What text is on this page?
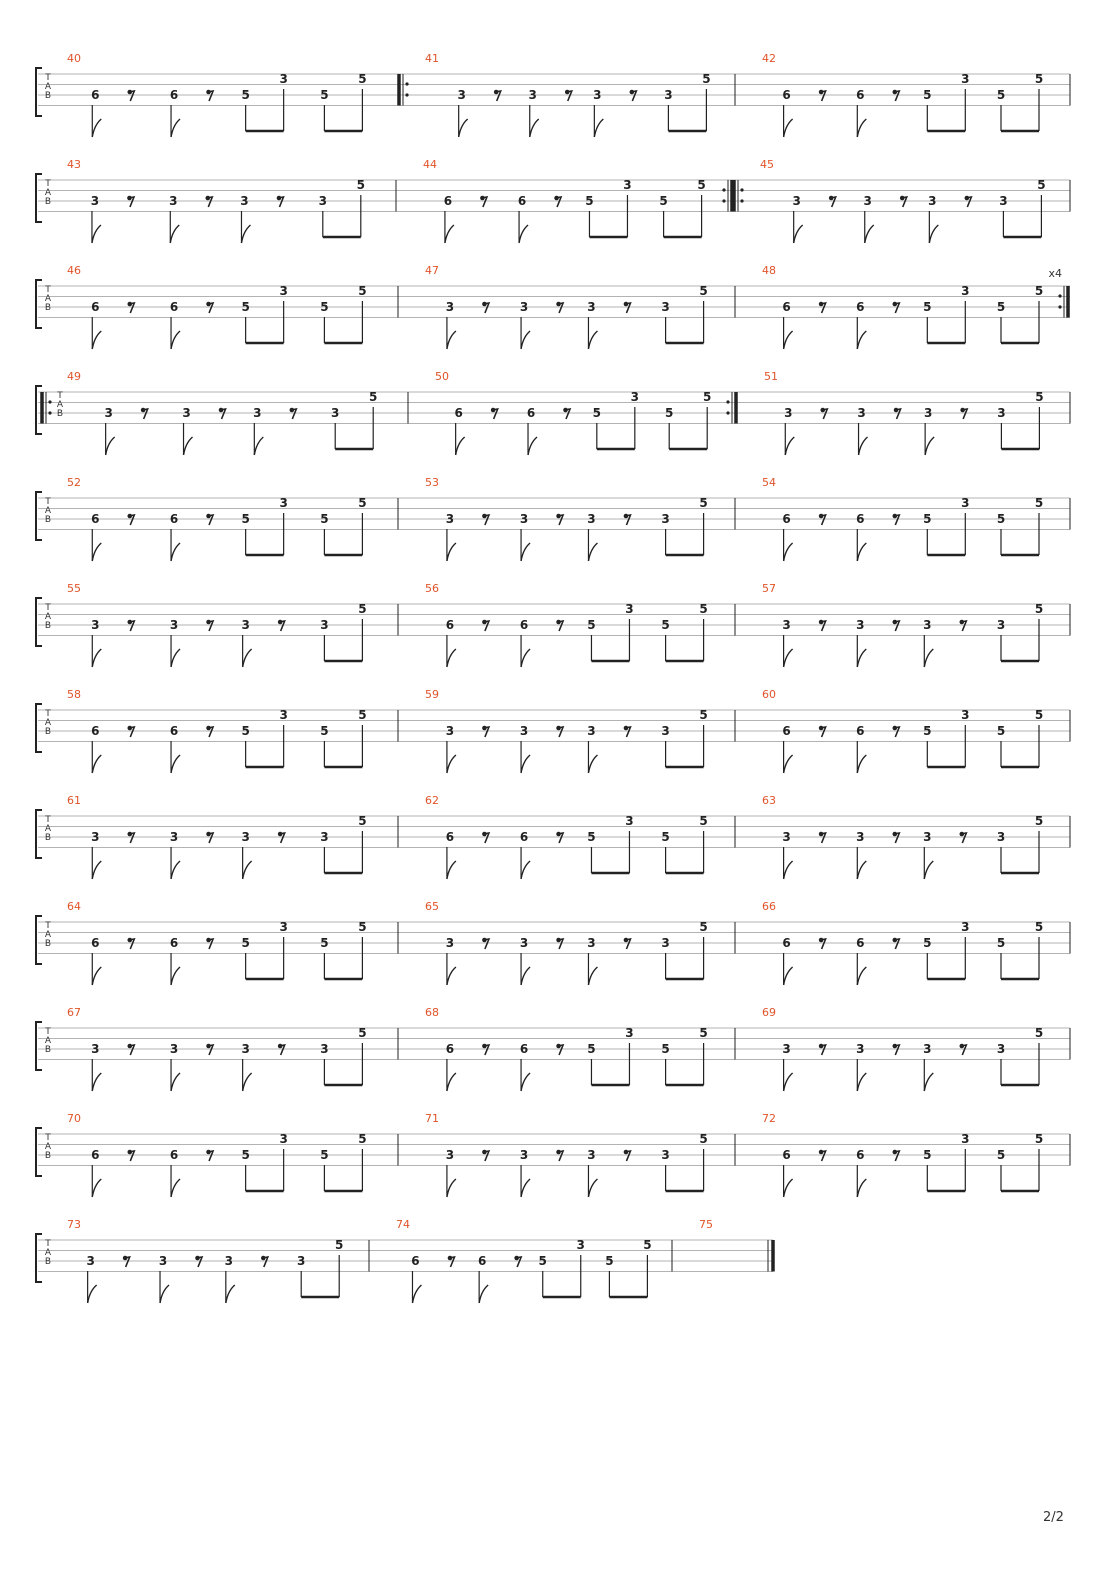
T
A
B
40
6	6	5
3
5
5
41
3	3	3	3
5
42
6	6	5
3
5
5
T
A
B
43
3	3	3	3
5
44
6	6	5
3
5
5
45
3	3	3	3
5
T
A
B
46
6	6	5
3
5
5
47
3	3	3	3
5
48	x4
6	6	5
3
5
5
T
A
B
49
3	3	3	3
5
50
6	6	5
3
5
5
51
3	3	3	3
5
T
A
B
52
6	6	5
3
5
5
53
3	3	3	3
5
54
6	6	5
3
5
5
T
A
B
55
3	3	3	3
5
56
6	6	5
3
5
5
57
3	3	3	3
5
T
A
B
58
6	6	5
3
5
5
59
3	3	3	3
5
60
6	6	5
3
5
5
T
A
B
61
3	3	3	3
5
62
6	6	5
3
5
5
63
3	3	3	3
5
T
A
B
64
6	6	5
3
5
5
65
3	3	3	3
5
66
6	6	5
3
5
5
T
A
B
67
3	3	3	3
5
68
6	6	5
3
5
5
69
3	3	3	3
5
T
A
B
70
6	6	5
3
5
5
71
3	3	3	3
5
72
6	6	5
3
5
5
T
A
B
73
3	3	3	3
5
74
6	6	5
3
5
5
75
2/2
